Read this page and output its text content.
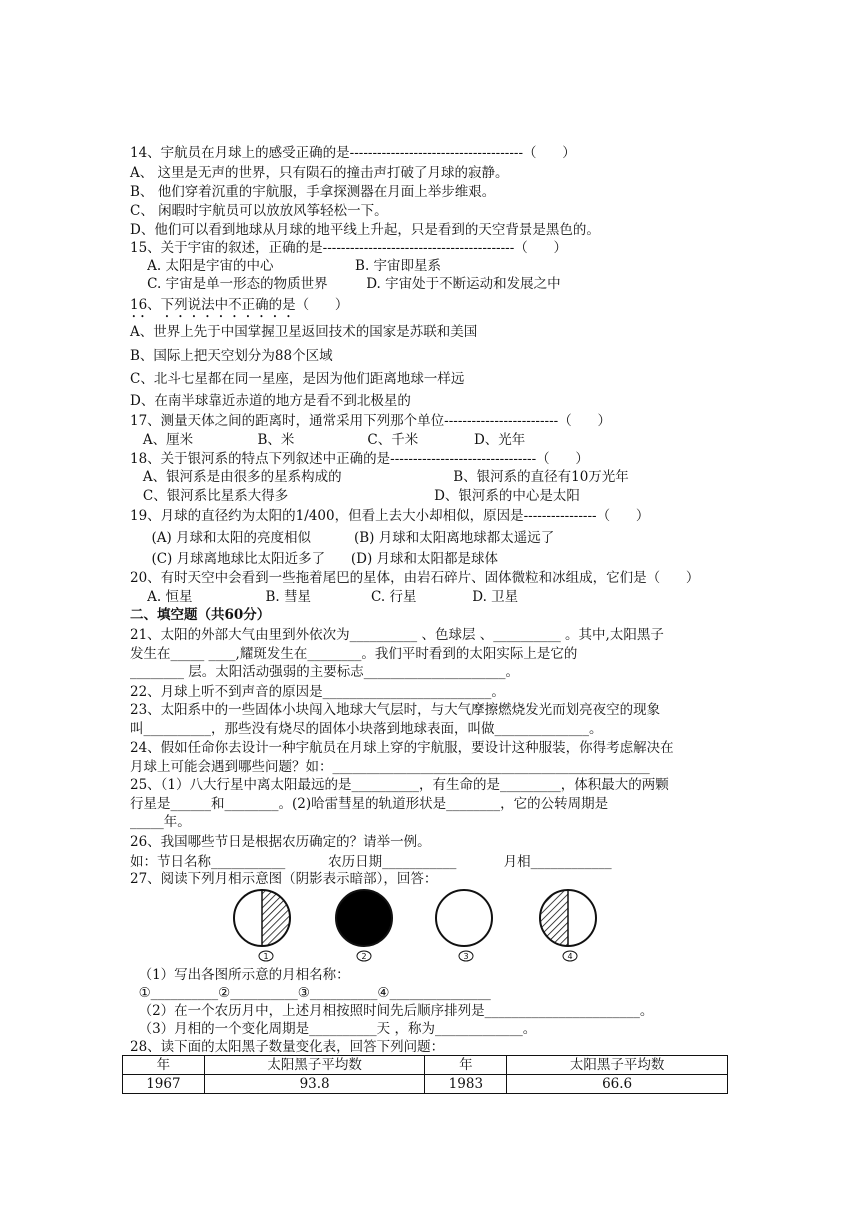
14、宇航员在月球上的感受正确的是--------------------------------------（      ）
A、 这里是无声的世界，只有陨石的撞击声打破了月球的寂静。
B、 他们穿着沉重的宇航服，手拿探测器在月面上举步维艰。
C、 闲暇时宇航员可以放放风筝轻松一下。
D、他们可以看到地球从月球的地平线上升起，只是看到的天空背景是黑色的。
15、关于宇宙的叙述，正确的是------------------------------------------（      ）
A. 太阳是宇宙的中心                   B. 宇宙即星系
C. 宇宙是单一形态的物质世界         D. 宇宙处于不断运动和发展之中
16、下列说法中不正确的是（      ）
A、世界上先于中国掌握卫星返回技术的国家是苏联和美国
B、国际上把天空划分为88个区域
C、北斗七星都在同一星座，是因为他们距离地球一样远
D、在南半球靠近赤道的地方是看不到北极星的
17、测量天体之间的距离时，通常采用下列那个单位-------------------------（      ）
A、厘米               B、米                 C、千米             D、光年
18、关于银河系的特点下列叙述中正确的是--------------------------------（      ）
A、银河系是由很多的星系构成的                          B、银河系的直径有10万光年
C、银河系比星系大得多                                  D、银河系的中心是太阳
19、月球的直径约为太阳的1/400，但看上去大小却相似，原因是----------------（      ）
(A) 月球和太阳的亮度相似          (B) 月球和太阳离地球都太遥远了
(C) 月球离地球比太阳近多了      (D) 月球和太阳都是球体
20、有时天空中会看到一些拖着尾巴的星体，由岩石碎片、固体微粒和冰组成，它们是（      ）
A. 恒星                 B. 彗星              C. 行星             D. 卫星
二、填空题（共60分）
21、太阳的外部大气由里到外依次为__________ 、色球层 、__________ 。其中,太阳黑子
发生在_____ ____,耀斑发生在________。我们平时看到的太阳实际上是它的
________ 层。太阳活动强弱的主要标志_____________________。
22、月球上听不到声音的原因是_________________________。
23、太阳系中的一些固体小块闯入地球大气层时，与大气摩擦燃烧发光而划亮夜空的现象
叫__________，那些没有烧尽的固体小块落到地球表面，叫做______________。
24、假如任命你去设计一种宇航员在月球上穿的宇航服，要设计这种服装，你得考虑解决在
月球上可能会遇到哪些问题？如：_______________________________________________
25、（1）八大行星中离太阳最远的是__________，有生命的是_________，体积最大的两颗
行星是______和________。(2)哈雷彗星的轨道形状是________，它的公转周期是
_____年。
26、我国哪些节日是根据农历确定的？请举一例。
如：节日名称___________          农历日期___________           月相____________
27、阅读下列月相示意图（阴影表示暗部），回答：
1	2	3	4
（1）写出各图所示意的月相名称：
①__________②__________③__________④_______________
（2）在一个农历月中，上述月相按照时间先后顺序排列是_______________________。
（3）月相的一个变化周期是__________天 ，称为_____________。
28、读下面的太阳黑子数量变化表，回答下列问题：
年	太阳黑子平均数	年	太阳黑子平均数
1967	93.8	1983	66.6
